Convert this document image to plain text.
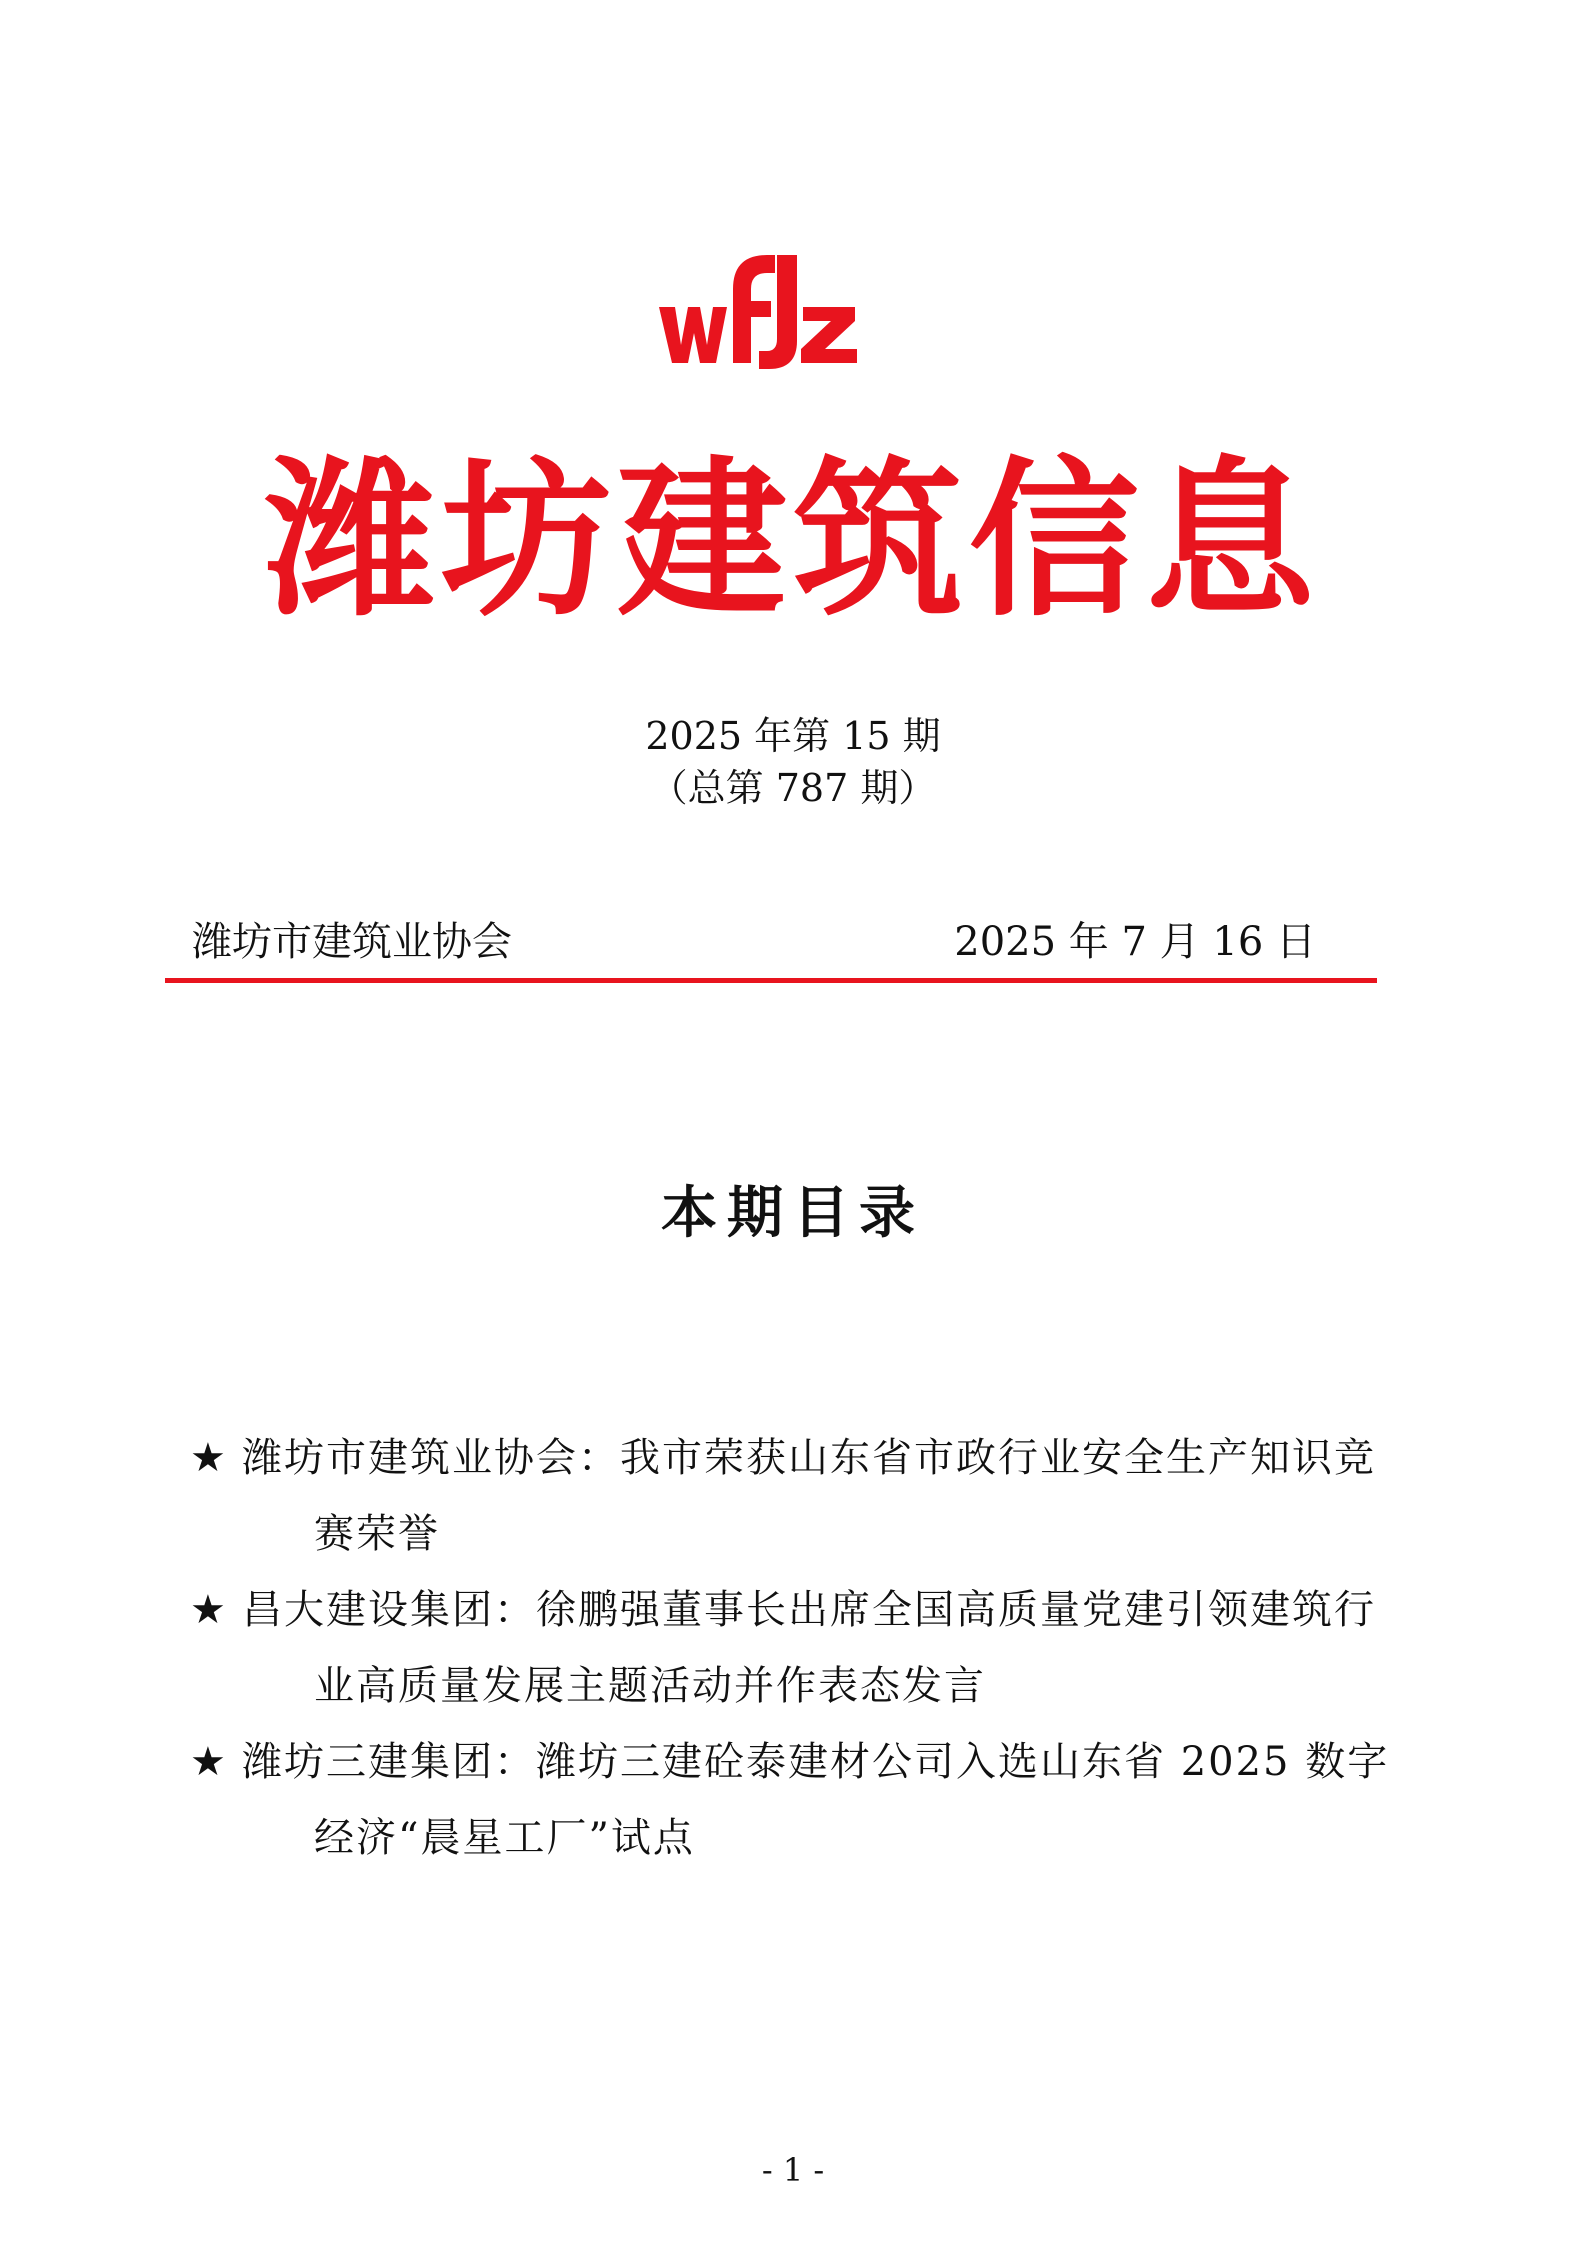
潍坊建筑信息
2025 年第 15 期
（总第 787 期）
潍坊市建筑业协会	2025 年 7 月 16 日
本期目录
★ 潍坊市建筑业协会：我市荣获山东省市政行业安全生产知识竞
赛荣誉
★ 昌大建设集团：徐鹏强董事长出席全国高质量党建引领建筑行
业高质量发展主题活动并作表态发言
★ 潍坊三建集团：潍坊三建砼泰建材公司入选山东省 2025 数字
经济“晨星工厂”试点
- 1 -
